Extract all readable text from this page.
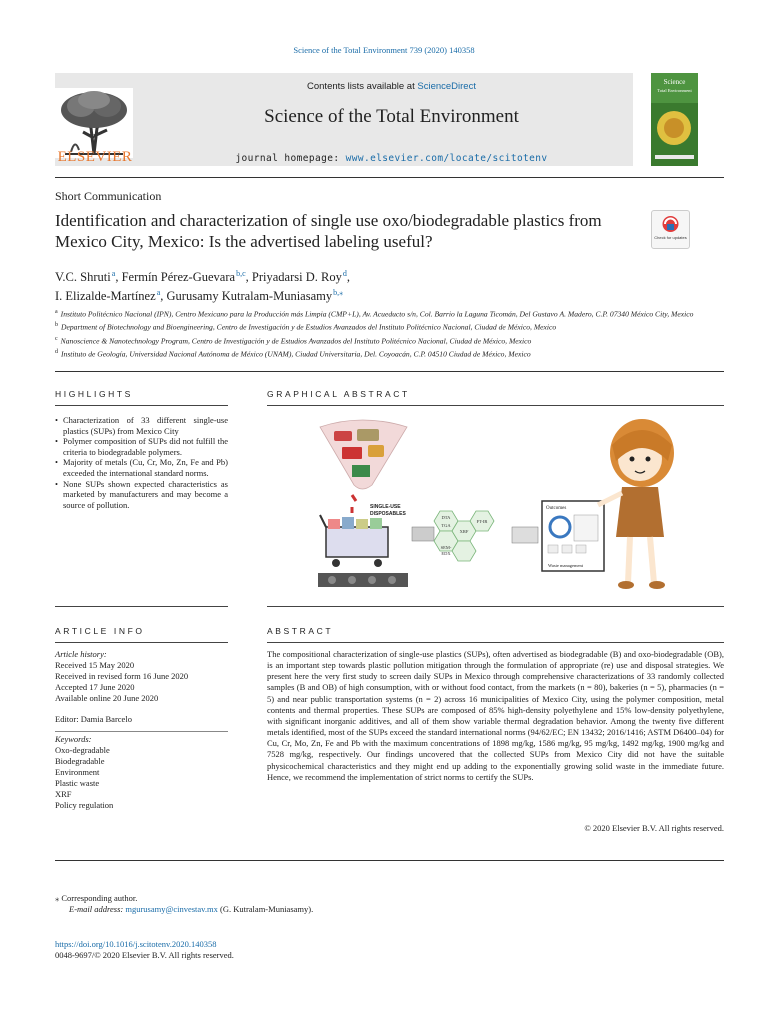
Science of the Total Environment 739 (2020) 140358
ELSEVIER
Contents lists available at ScienceDirect
Science of the Total Environment
journal homepage: www.elsevier.com/locate/scitotenv
Science
Total Environment
Short Communication
Identification and characterization of single use oxo/biodegradable plastics from Mexico City, Mexico: Is the advertised labeling useful?	Check for updates
V.C. Shruti $^a$, Fermín Pérez-Guevara $^{b,c}$, Priyadarsi D. Roy $^d$,
I. Elizalde-Martínez $^a$, Gurusamy Kutralam-Muniasamy $^{b,⁎}$
$^a$ Instituto Politécnico Nacional (IPN), Centro Mexicano para la Producción más Limpia (CMP+L), Av. Acueducto s/n, Col. Barrio la Laguna Ticomán, Del Gustavo A. Madero, C.P. 07340 México City, Mexico
$^b$ Department of Biotechnology and Bioengineering, Centro de Investigación y de Estudios Avanzados del Instituto Politécnico Nacional, Ciudad de México, Mexico
$^c$ Nanoscience & Nanotechnology Program, Centro de Investigación y de Estudios Avanzados del Instituto Politécnico Nacional, Ciudad de México, Mexico
$^d$ Instituto de Geología, Universidad Nacional Autónoma de México (UNAM), Ciudad Universitaria, Del. Coyoacán, C.P. 04510 Ciudad de México, Mexico
HIGHLIGHTS
• Characterization of 33 different single-use plastics (SUPs) from Mexico City
• Polymer composition of SUPs did not fulfill the criteria to biodegradable polymers.
• Majority of metals (Cu, Cr, Mo, Zn, Fe and Pb) exceeded the international standard norms.
• None SUPs shown expected characteristics as marketed by manufacturers and may become a source of pollution.
GRAPHICAL ABSTRACT
SINGLE-USE
DISPOSABLES
DTA
TGA
FT-IR
XRF
SEM-
EDX
Outcomes
Waste management
ARTICLE INFO
Article history:
Received 15 May 2020
Received in revised form 16 June 2020
Accepted 17 June 2020
Available online 20 June 2020
Editor: Damia Barcelo
Keywords:
Oxo-degradable
Biodegradable
Environment
Plastic waste
XRF
Policy regulation
ABSTRACT
The compositional characterization of single-use plastics (SUPs), often advertised as biodegradable (B) and oxo-biodegradable (OB), is an important step towards plastic pollution mitigation through the formulation of appropriate (re) use and disposal strategies. We present here the very first study to screen daily SUPs in Mexico through comprehensive characterizations of 33 randomly collected samples (B and OB) of high consumption, with or without food contact, from the markets (n = 80), bakeries (n = 5), pharmacies (n = 5) and near public transportation systems (n = 2) across 16 municipalities of Mexico City, using the polymer composition, metal contents and thermal properties. These SUPs are composed of 85% high-density polyethylene and 15% low-density polyethylene, with significant inorganic additives, and all of them show variable thermal degradation behavior. Among the twenty five different metals identified, most of the SUPs exceed the standard international norms (94/62/EC; EN 13432; 2016/1416; ASTM D6400–04) for Cu, Cr, Mo, Zn, Fe and Pb with the maximum concentrations of 1898 mg/kg, 1586 mg/kg, 95 mg/kg, 1492 mg/kg, 1900 mg/kg and 7528 mg/kg, respectively. Our findings uncovered that the collected SUPs from Mexico City did not have the suitable physicochemical characteristics and they might end up adding to the exponentially growing solid waste in the immediate future. Hence, we recommend the implementation of strict norms to certify the SUPs.
© 2020 Elsevier B.V. All rights reserved.
⁎ Corresponding author.
E-mail address: mgurusamy@cinvestav.mx (G. Kutralam-Muniasamy).
https://doi.org/10.1016/j.scitotenv.2020.140358
0048-9697/© 2020 Elsevier B.V. All rights reserved.
